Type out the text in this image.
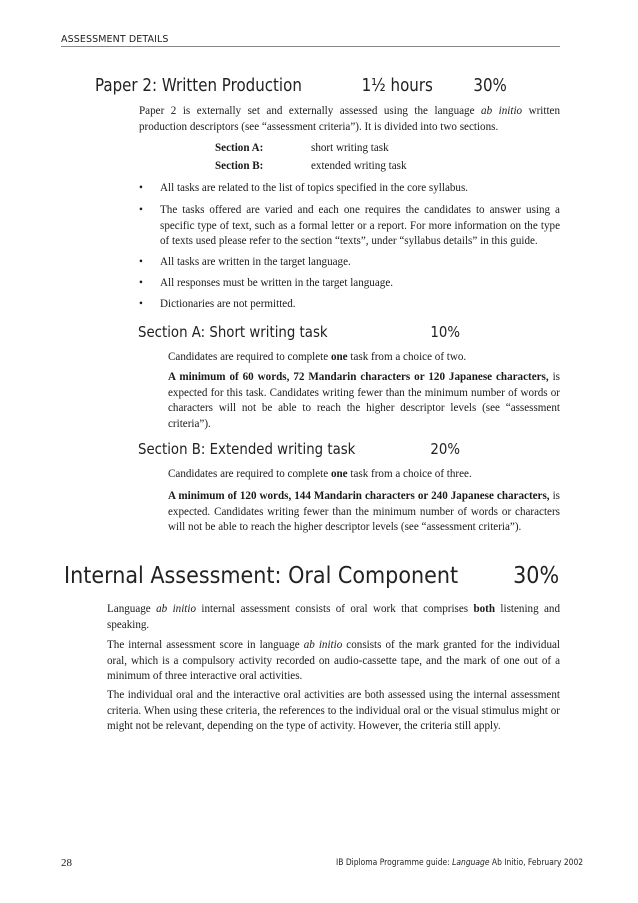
ASSESSMENT DETAILS
Paper 2: Written Production	1½ hours 30%
Paper 2 is externally set and externally assessed using the language ab initio written production descriptors (see “assessment criteria”). It is divided into two sections.
Section A:	short writing task
Section B:	extended writing task
• All tasks are related to the list of topics specified in the core syllabus.
• The tasks offered are varied and each one requires the candidates to answer using a specific type of text, such as a formal letter or a report. For more information on the type of texts used please refer to the section “texts”, under “syllabus details” in this guide.
• All tasks are written in the target language.
• All responses must be written in the target language.
• Dictionaries are not permitted.
Section A: Short writing task	10%
Candidates are required to complete one task from a choice of two.
A minimum of 60 words, 72 Mandarin characters or 120 Japanese characters, is expected for this task. Candidates writing fewer than the minimum number of words or characters will not be able to reach the higher descriptor levels (see “assessment criteria”).
Section B: Extended writing task	20%
Candidates are required to complete one task from a choice of three.
A minimum of 120 words, 144 Mandarin characters or 240 Japanese characters, is expected. Candidates writing fewer than the minimum number of words or characters will not be able to reach the higher descriptor levels (see “assessment criteria”).
Internal Assessment: Oral Component 30%
Language ab initio internal assessment consists of oral work that comprises both listening and speaking.
The internal assessment score in language ab initio consists of the mark granted for the individual oral, which is a compulsory activity recorded on audio-cassette tape, and the mark of one out of a minimum of three interactive oral activities.
The individual oral and the interactive oral activities are both assessed using the internal assessment criteria. When using these criteria, the references to the individual oral or the visual stimulus might or might not be relevant, depending on the type of activity. However, the criteria still apply.
28	IB Diploma Programme guide: Language Ab Initio, February 2002
